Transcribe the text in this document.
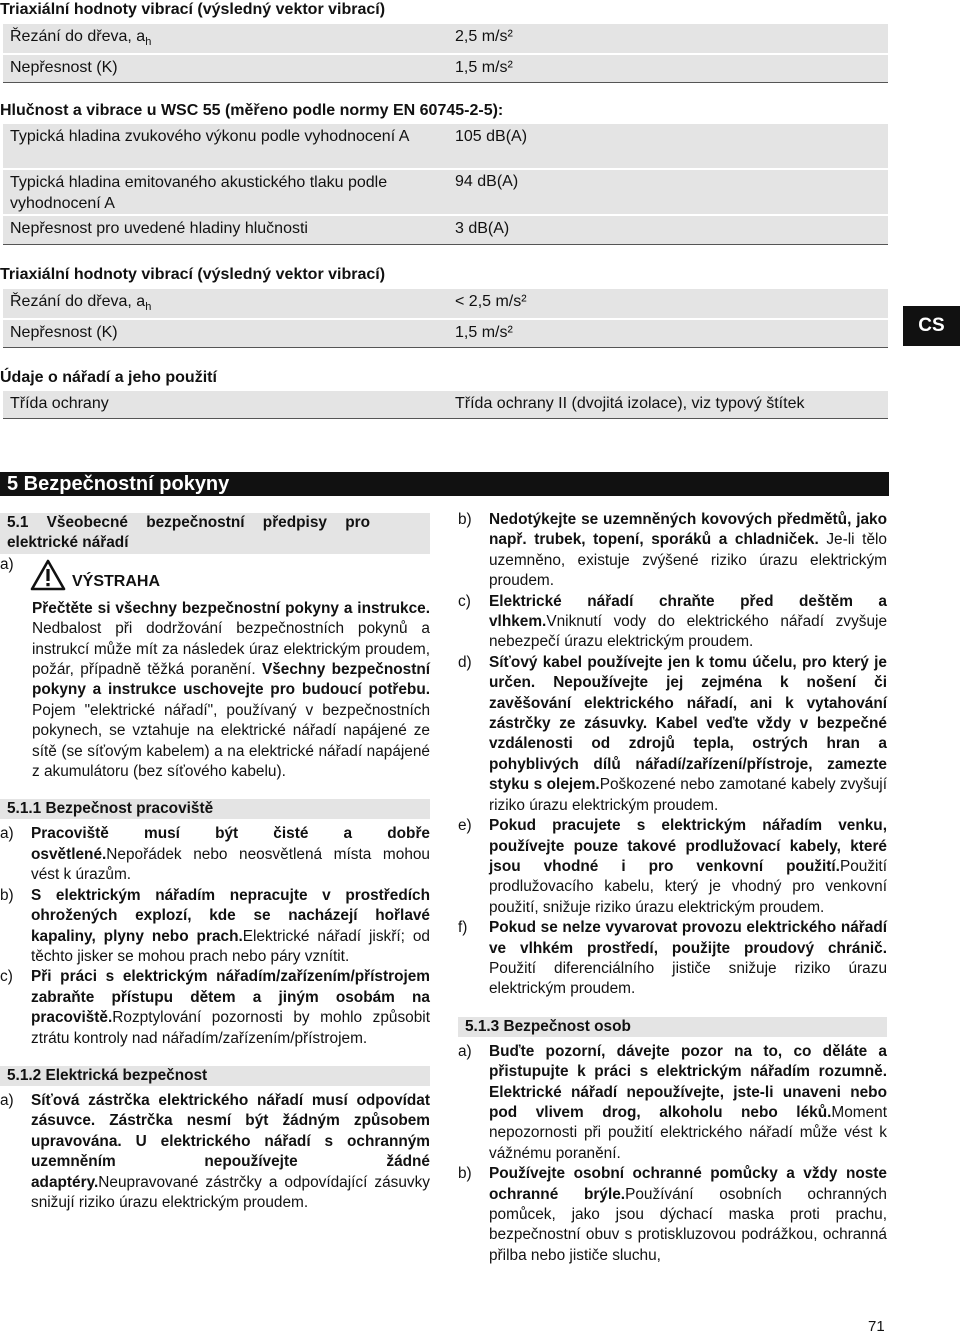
Triaxiální hodnoty vibrací (výsledný vektor vibrací)
Řezání do dřeva, $a_h$	2,5 m/s²
Nepřesnost (K)	1,5 m/s²
Hlučnost a vibrace u WSC 55 (měřeno podle normy EN 60745-2-5):
Typická hladina zvukového výkonu podle vyhodnocení A	105 dB(A)
Typická hladina emitovaného akustického tlaku podle vyhodnocení A	94 dB(A)
Nepřesnost pro uvedené hladiny hlučnosti	3 dB(A)
Triaxiální hodnoty vibrací (výsledný vektor vibrací)
Řezání do dřeva, $a_h$	< 2,5 m/s²
Nepřesnost (K)	1,5 m/s²
Údaje o nářadí a jeho použití
Třída ochrany	Třída ochrany II (dvojitá izolace), viz typový štítek
CS
5 Bezpečnostní pokyny
5.1 Všeobecné bezpečnostní předpisy pro elektrické nářadí
a)
VÝSTRAHA
Přečtěte si všechny bezpečnostní pokyny a instrukce. Nedbalost při dodržování bezpečnostních pokynů a instrukcí může mít za následek úraz elektrickým proudem, požár, případně těžká poranění. Všechny bezpečnostní pokyny a instrukce uschovejte pro budoucí potřebu. Pojem "elektrické nářadí", používaný v bezpečnostních pokynech, se vztahuje na elektrické nářadí napájené ze sítě (se síťovým kabelem) a na elektrické nářadí napájené z akumulátoru (bez síťového kabelu).
5.1.1 Bezpečnost pracoviště
a) Pracoviště musí být čisté a dobře osvětlené.Nepořádek nebo neosvětlená místa mohou vést k úrazům.
b) S elektrickým nářadím nepracujte v prostředích ohrožených explozí, kde se nacházejí hořlavé kapaliny, plyny nebo prach.Elektrické nářadí jiskří; od těchto jisker se mohou prach nebo páry vznítit.
c) Při práci s elektrickým nářadím/zařízením/přístrojem zabraňte přístupu dětem a jiným osobám na pracoviště.Rozptylování pozornosti by mohlo způsobit ztrátu kontroly nad nářadím/zařízením/přístrojem.
5.1.2 Elektrická bezpečnost
a) Síťová zástrčka elektrického nářadí musí odpovídat zásuvce. Zástrčka nesmí být žádným způsobem upravována. U elektrického nářadí s ochranným uzemněním nepoužívejte žádné adaptéry.Neupravované zástrčky a odpovídající zásuvky snižují riziko úrazu elektrickým proudem.
b) Nedotýkejte se uzemněných kovových předmětů, jako např. trubek, topení, sporáků a chladniček. Je-li tělo uzemněno, existuje zvýšené riziko úrazu elektrickým proudem.
c) Elektrické nářadí chraňte před deštěm a vlhkem.Vniknutí vody do elektrického nářadí zvyšuje nebezpečí úrazu elektrickým proudem.
d) Síťový kabel používejte jen k tomu účelu, pro který je určen. Nepoužívejte jej zejména k nošení či zavěšování elektrického nářadí, ani k vytahování zástrčky ze zásuvky. Kabel veďte vždy v bezpečné vzdálenosti od zdrojů tepla, ostrých hran a pohyblivých dílů nářadí/zařízení/přístroje, zamezte styku s olejem.Poškozené nebo zamotané kabely zvyšují riziko úrazu elektrickým proudem.
e) Pokud pracujete s elektrickým nářadím venku, používejte pouze takové prodlužovací kabely, které jsou vhodné i pro venkovní použití.Použití prodlužovacího kabelu, který je vhodný pro venkovní použití, snižuje riziko úrazu elektrickým proudem.
f) Pokud se nelze vyvarovat provozu elektrického nářadí ve vlhkém prostředí, použijte proudový chránič. Použití diferenciálního jističe snižuje riziko úrazu elektrickým proudem.
5.1.3 Bezpečnost osob
a) Buďte pozorní, dávejte pozor na to, co děláte a přistupujte k práci s elektrickým nářadím rozumně. Elektrické nářadí nepoužívejte, jste-li unaveni nebo pod vlivem drog, alkoholu nebo léků.Moment nepozornosti při použití elektrického nářadí může vést k vážnému poranění.
b) Používejte osobní ochranné pomůcky a vždy noste ochranné brýle.Používání osobních ochranných pomůcek, jako jsou dýchací maska proti prachu, bezpečnostní obuv s protiskluzovou podrážkou, ochranná přilba nebo jističe sluchu,
71
